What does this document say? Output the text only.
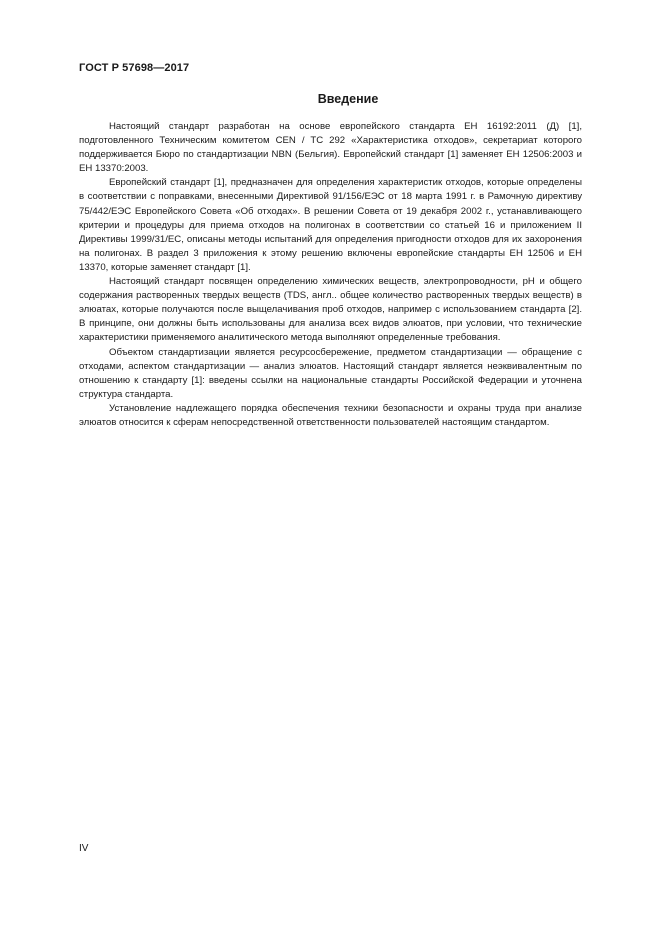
ГОСТ Р 57698—2017
Введение

Настоящий стандарт разработан на основе европейского стандарта ЕН 16192:2011 (Д) [1], подготовленного Техническим комитетом CEN / TC 292 «Характеристика отходов», секретариат которого поддерживается Бюро по стандартизации NBN (Бельгия). Европейский стандарт [1] заменяет ЕН 12506:2003 и ЕН 13370:2003.

Европейский стандарт [1], предназначен для определения характеристик отходов, которые определены в соответствии с поправками, внесенными Директивой 91/156/ЕЭС от 18 марта 1991 г. в Рамочную директиву 75/442/ЕЭС Европейского Совета «Об отходах». В решении Совета от 19 декабря 2002 г., устанавливающего критерии и процедуры для приема отходов на полигонах в соответствии со статьей 16 и приложением II Директивы 1999/31/ЕС, описаны методы испытаний для определения пригодности отходов для их захоронения на полигонах. В раздел 3 приложения к этому решению включены европейские стандарты ЕН 12506 и ЕН 13370, которые заменяет стандарт [1].

Настоящий стандарт посвящен определению химических веществ, электропроводности, pH и общего содержания растворенных твердых веществ (TDS, англ.. общее количество растворенных твердых веществ) в элюатах, которые получаются после выщелачивания проб отходов, например с использованием стандарта [2]. В принципе, они должны быть использованы для анализа всех видов элюатов, при условии, что технические характеристики применяемого аналитического метода выполняют определенные требования.

Объектом стандартизации является ресурсосбережение, предметом стандартизации — обращение с отходами, аспектом стандартизации — анализ элюатов. Настоящий стандарт является неэквивалентным по отношению к стандарту [1]: введены ссылки на национальные стандарты Российской Федерации и уточнена структура стандарта.

Установление надлежащего порядка обеспечения техники безопасности и охраны труда при анализе элюатов относится к сферам непосредственной ответственности пользователей настоящим стандартом.

IV
